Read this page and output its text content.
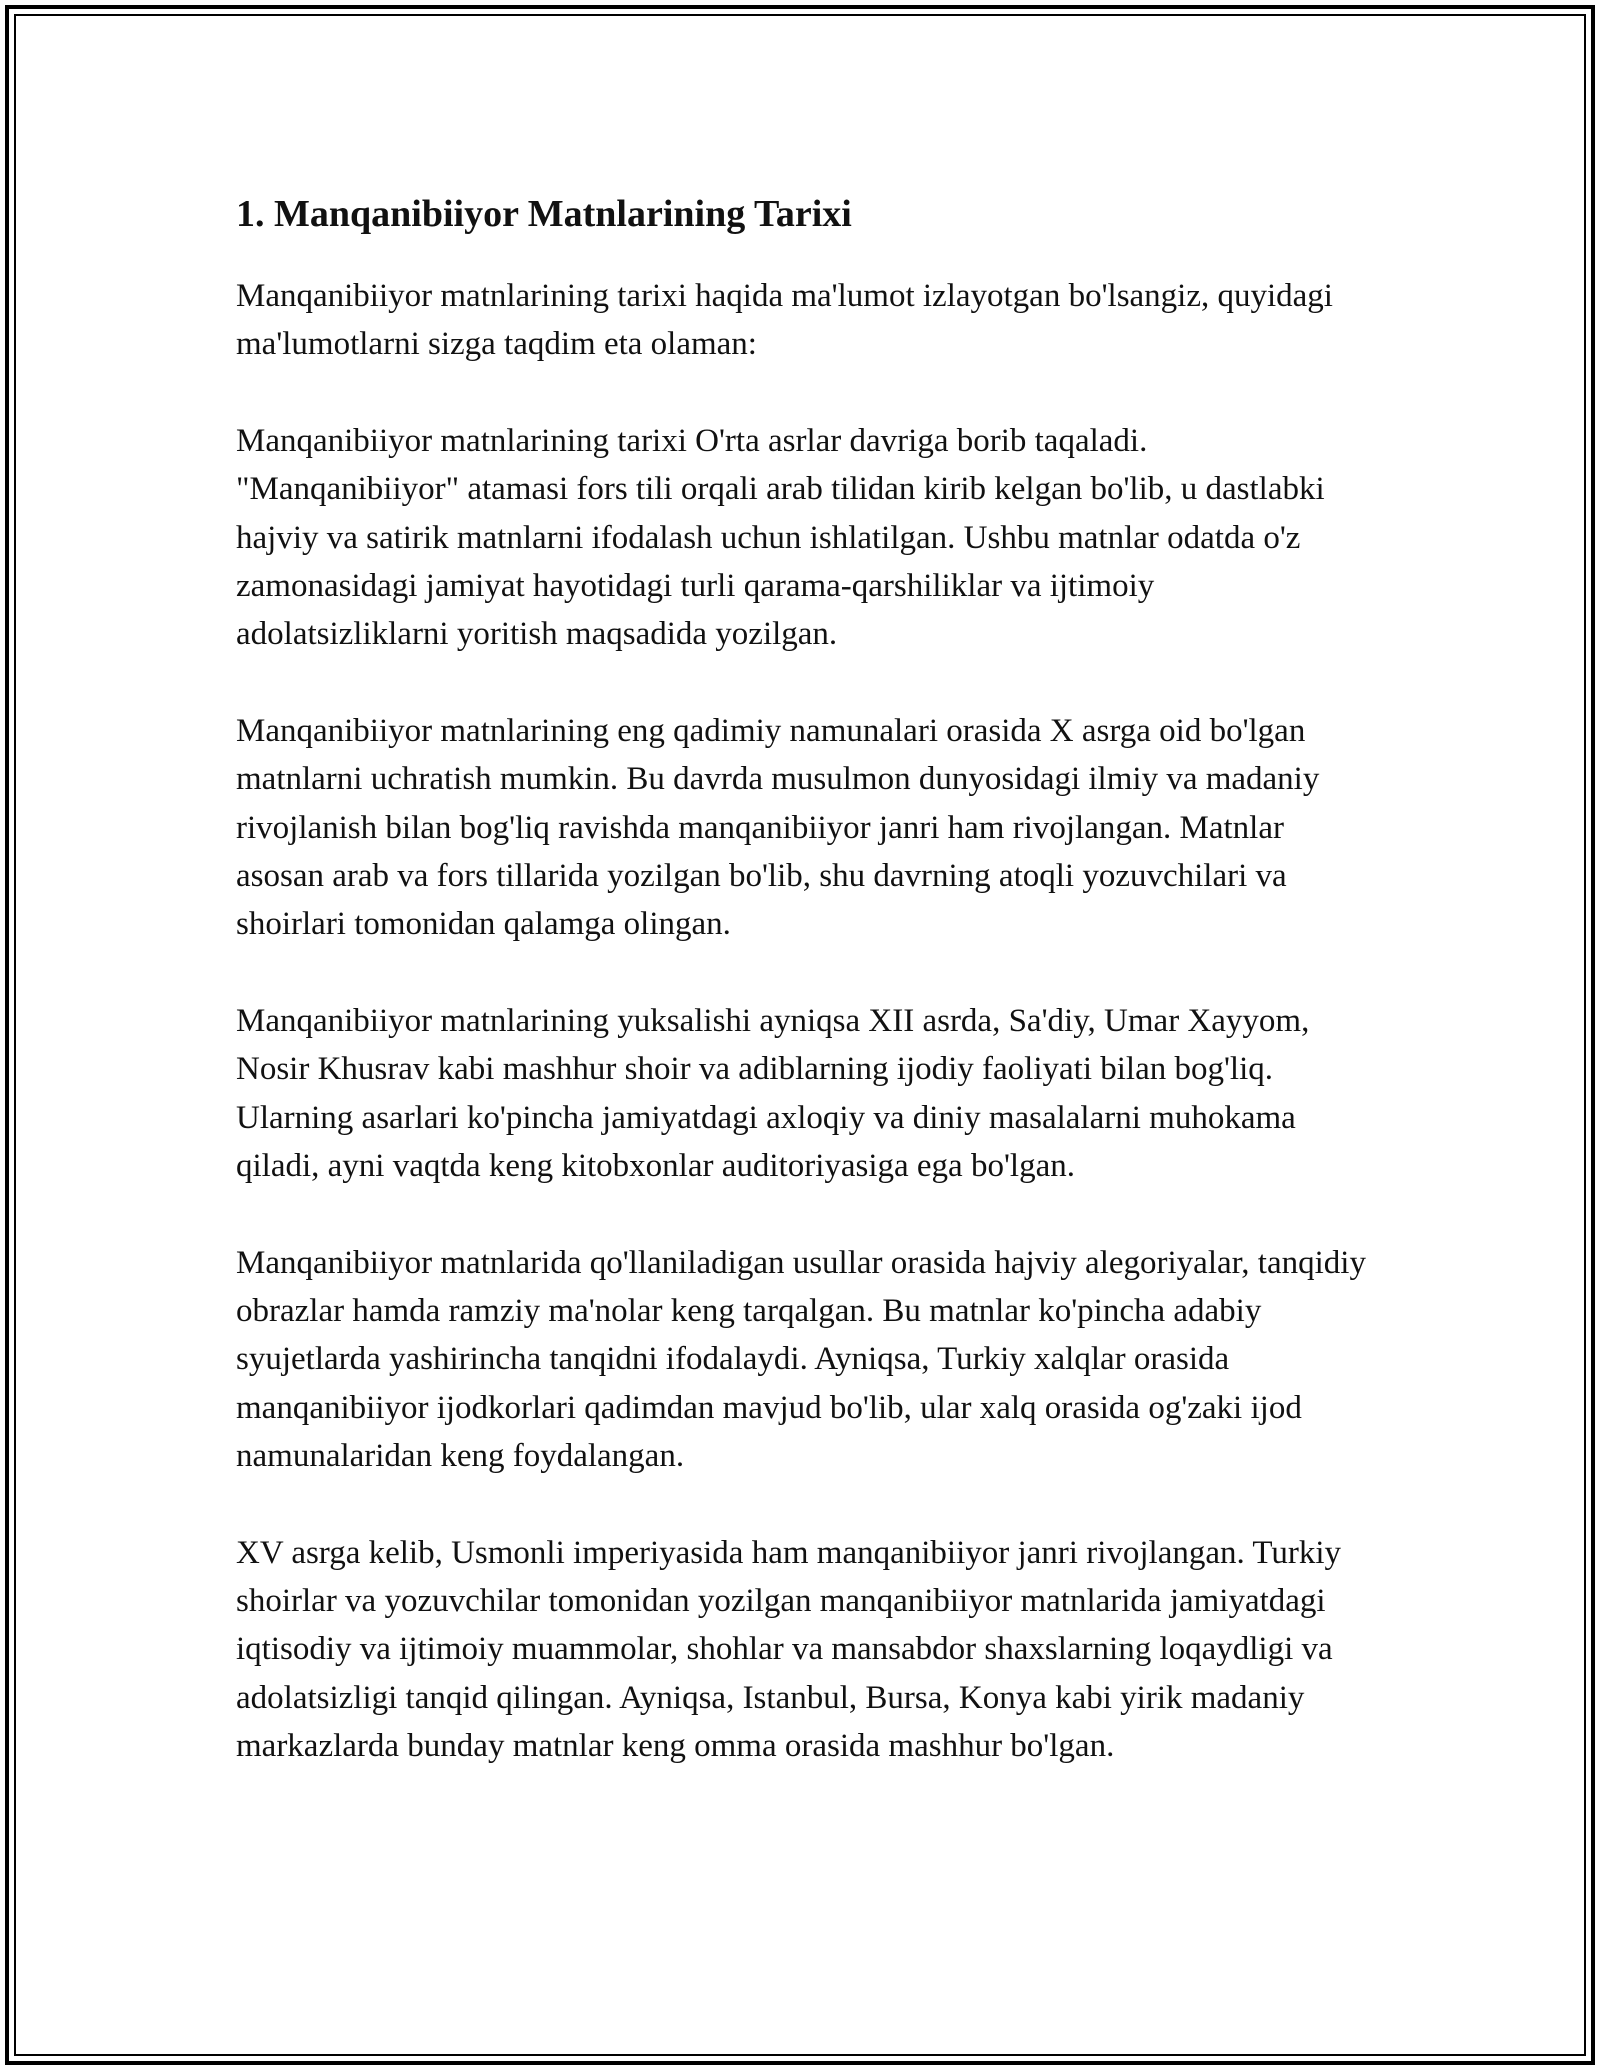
1. Manqanibiiyor Matnlarining Tarixi

Manqanibiiyor matnlarining tarixi haqida ma'lumot izlayotgan bo'lsangiz, quyidagi ma'lumotlarni sizga taqdim eta olaman:

Manqanibiiyor matnlarining tarixi O'rta asrlar davriga borib taqaladi. "Manqanibiiyor" atamasi fors tili orqali arab tilidan kirib kelgan bo'lib, u dastlabki hajviy va satirik matnlarni ifodalash uchun ishlatilgan. Ushbu matnlar odatda o'z zamonasidagi jamiyat hayotidagi turli qarama-qarshiliklar va ijtimoiy adolatsizliklarni yoritish maqsadida yozilgan.

Manqanibiiyor matnlarining eng qadimiy namunalari orasida X asrga oid bo'lgan matnlarni uchratish mumkin. Bu davrda musulmon dunyosidagi ilmiy va madaniy rivojlanish bilan bog'liq ravishda manqanibiiyor janri ham rivojlangan. Matnlar asosan arab va fors tillarida yozilgan bo'lib, shu davrning atoqli yozuvchilari va shoirlari tomonidan qalamga olingan.

Manqanibiiyor matnlarining yuksalishi ayniqsa XII asrda, Sa'diy, Umar Xayyom, Nosir Khusrav kabi mashhur shoir va adiblarning ijodiy faoliyati bilan bog'liq. Ularning asarlari ko'pincha jamiyatdagi axloqiy va diniy masalalarni muhokama qiladi, ayni vaqtda keng kitobxonlar auditoriyasiga ega bo'lgan.

Manqanibiiyor matnlarida qo'llaniladigan usullar orasida hajviy alegoriyalar, tanqidiy obrazlar hamda ramziy ma'nolar keng tarqalgan. Bu matnlar ko'pincha adabiy syujetlarda yashirincha tanqidni ifodalaydi. Ayniqsa, Turkiy xalqlar orasida manqanibiiyor ijodkorlari qadimdan mavjud bo'lib, ular xalq orasida og'zaki ijod namunalaridan keng foydalangan.

XV asrga kelib, Usmonli imperiyasida ham manqanibiiyor janri rivojlangan. Turkiy shoirlar va yozuvchilar tomonidan yozilgan manqanibiiyor matnlarida jamiyatdagi iqtisodiy va ijtimoiy muammolar, shohlar va mansabdor shaxslarning loqaydligi va adolatsizligi tanqid qilingan. Ayniqsa, Istanbul, Bursa, Konya kabi yirik madaniy markazlarda bunday matnlar keng omma orasida mashhur bo'lgan.
